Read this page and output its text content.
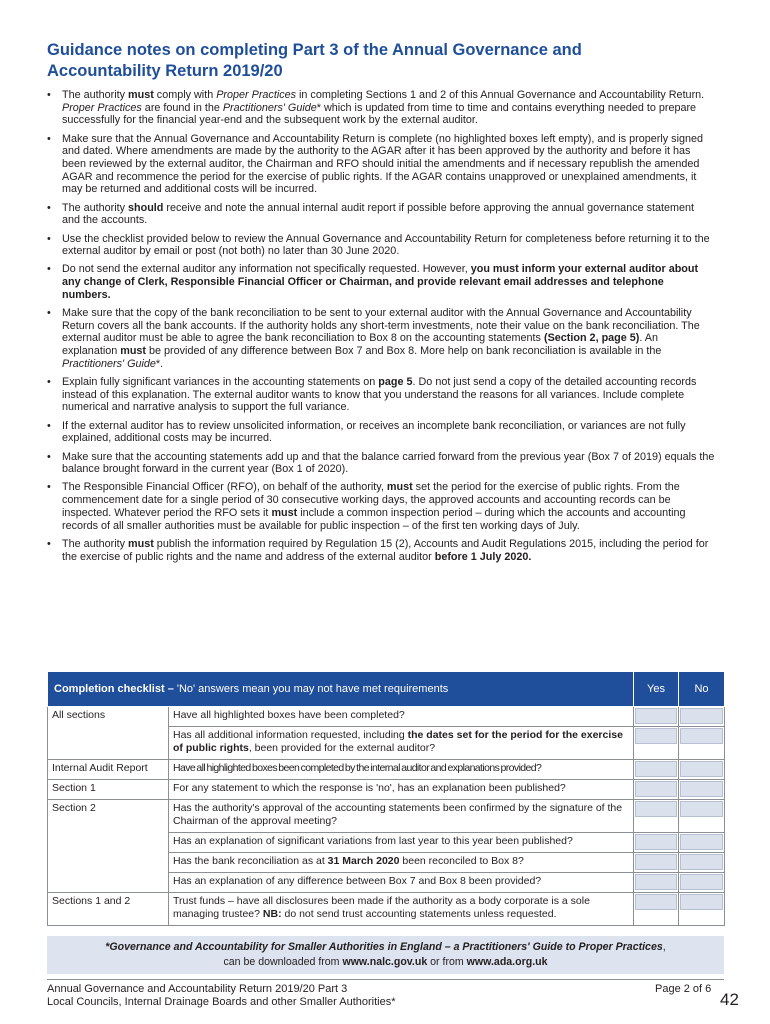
Guidance notes on completing Part 3 of the Annual Governance and
Accountability Return 2019/20
• The authority must comply with Proper Practices in completing Sections 1 and 2 of this Annual Governance and Accountability Return. Proper Practices are found in the Practitioners' Guide* which is updated from time to time and contains everything needed to prepare successfully for the financial year-end and the subsequent work by the external auditor.
• Make sure that the Annual Governance and Accountability Return is complete (no highlighted boxes left empty), and is properly signed and dated. Where amendments are made by the authority to the AGAR after it has been approved by the authority and before it has been reviewed by the external auditor, the Chairman and RFO should initial the amendments and if necessary republish the amended AGAR and recommence the period for the exercise of public rights. If the AGAR contains unapproved or unexplained amendments, it may be returned and additional costs will be incurred.
• The authority should receive and note the annual internal audit report if possible before approving the annual governance statement and the accounts.
• Use the checklist provided below to review the Annual Governance and Accountability Return for completeness before returning it to the external auditor by email or post (not both) no later than 30 June 2020.
• Do not send the external auditor any information not specifically requested. However, you must inform your external auditor about any change of Clerk, Responsible Financial Officer or Chairman, and provide relevant email addresses and telephone numbers.
• Make sure that the copy of the bank reconciliation to be sent to your external auditor with the Annual Governance and Accountability Return covers all the bank accounts. If the authority holds any short-term investments, note their value on the bank reconciliation. The external auditor must be able to agree the bank reconciliation to Box 8 on the accounting statements (Section 2, page 5). An explanation must be provided of any difference between Box 7 and Box 8. More help on bank reconciliation is available in the Practitioners' Guide*.
• Explain fully significant variances in the accounting statements on page 5. Do not just send a copy of the detailed accounting records instead of this explanation. The external auditor wants to know that you understand the reasons for all variances. Include complete numerical and narrative analysis to support the full variance.
• If the external auditor has to review unsolicited information, or receives an incomplete bank reconciliation, or variances are not fully explained, additional costs may be incurred.
• Make sure that the accounting statements add up and that the balance carried forward from the previous year (Box 7 of 2019) equals the balance brought forward in the current year (Box 1 of 2020).
• The Responsible Financial Officer (RFO), on behalf of the authority, must set the period for the exercise of public rights. From the commencement date for a single period of 30 consecutive working days, the approved accounts and accounting records can be inspected. Whatever period the RFO sets it must include a common inspection period – during which the accounts and accounting records of all smaller authorities must be available for public inspection – of the first ten working days of July.
• The authority must publish the information required by Regulation 15 (2), Accounts and Audit Regulations 2015, including the period for the exercise of public rights and the name and address of the external auditor before 1 July 2020.
Completion checklist – 'No' answers mean you may not have met requirements		Yes	No
All sections	Have all highlighted boxes have been completed?	

	Has all additional information requested, including the dates set for the period for the exercise of public rights, been provided for the external auditor?	

Internal Audit Report	Have all highlighted boxes been completed by the internal auditor and explanations provided?	

Section 1	For any statement to which the response is 'no', has an explanation been published?	

Section 2	Has the authority's approval of the accounting statements been confirmed by the signature of the Chairman of the approval meeting?	

	Has an explanation of significant variations from last year to this year been published?	

	Has the bank reconciliation as at 31 March 2020 been reconciled to Box 8?	

	Has an explanation of any difference between Box 7 and Box 8 been provided?	

Sections 1 and 2	Trust funds – have all disclosures been made if the authority as a body corporate is a sole managing trustee? NB: do not send trust accounting statements unless requested.	

*Governance and Accountability for Smaller Authorities in England – a Practitioners' Guide to Proper Practices,
can be downloaded from www.nalc.gov.uk or from www.ada.org.uk
Annual Governance and Accountability Return 2019/20 Part 3
Local Councils, Internal Drainage Boards and other Smaller Authorities*
Page 2 of 6
42
